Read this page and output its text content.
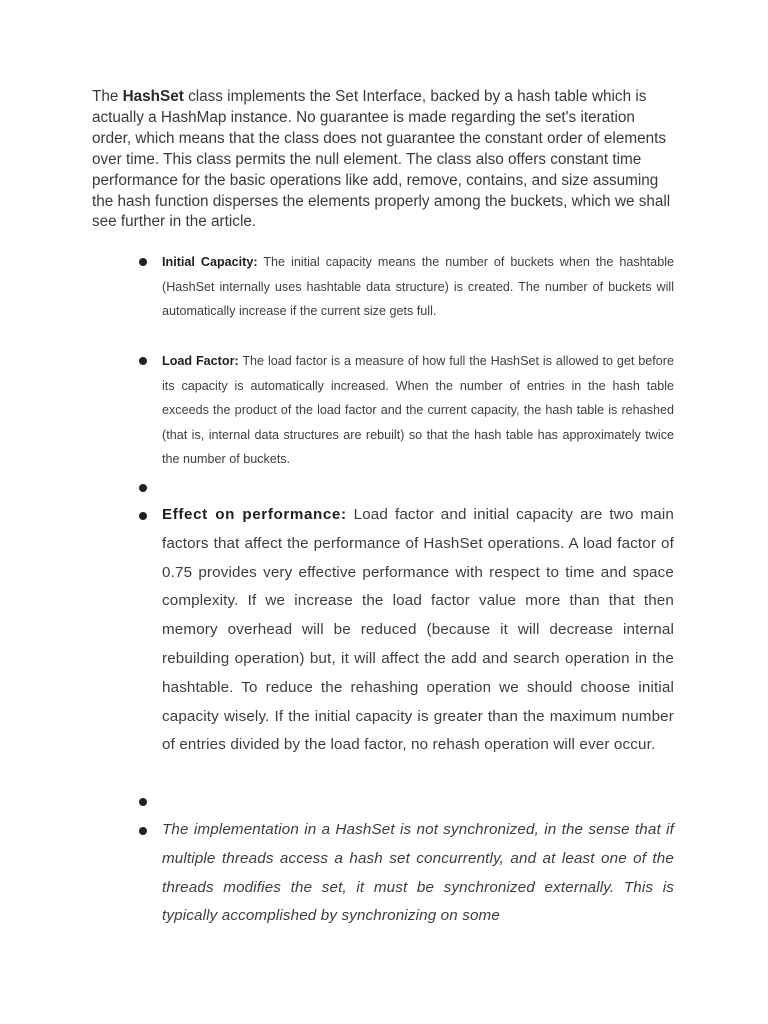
The HashSet class implements the Set Interface, backed by a hash table which is actually a HashMap instance. No guarantee is made regarding the set's iteration order, which means that the class does not guarantee the constant order of elements over time. This class permits the null element. The class also offers constant time performance for the basic operations like add, remove, contains, and size assuming the hash function disperses the elements properly among the buckets, which we shall see further in the article.

Initial Capacity: The initial capacity means the number of buckets when the hashtable (HashSet internally uses hashtable data structure) is created. The number of buckets will automatically increase if the current size gets full.

Load Factor: The load factor is a measure of how full the HashSet is allowed to get before its capacity is automatically increased. When the number of entries in the hash table exceeds the product of the load factor and the current capacity, the hash table is rehashed (that is, internal data structures are rebuilt) so that the hash table has approximately twice the number of buckets.

Effect on performance: Load factor and initial capacity are two main factors that affect the performance of HashSet operations. A load factor of 0.75 provides very effective performance with respect to time and space complexity. If we increase the load factor value more than that then memory overhead will be reduced (because it will decrease internal rebuilding operation) but, it will affect the add and search operation in the hashtable. To reduce the rehashing operation we should choose initial capacity wisely. If the initial capacity is greater than the maximum number of entries divided by the load factor, no rehash operation will ever occur.

The implementation in a HashSet is not synchronized, in the sense that if multiple threads access a hash set concurrently, and at least one of the threads modifies the set, it must be synchronized externally. This is typically accomplished by synchronizing on some
